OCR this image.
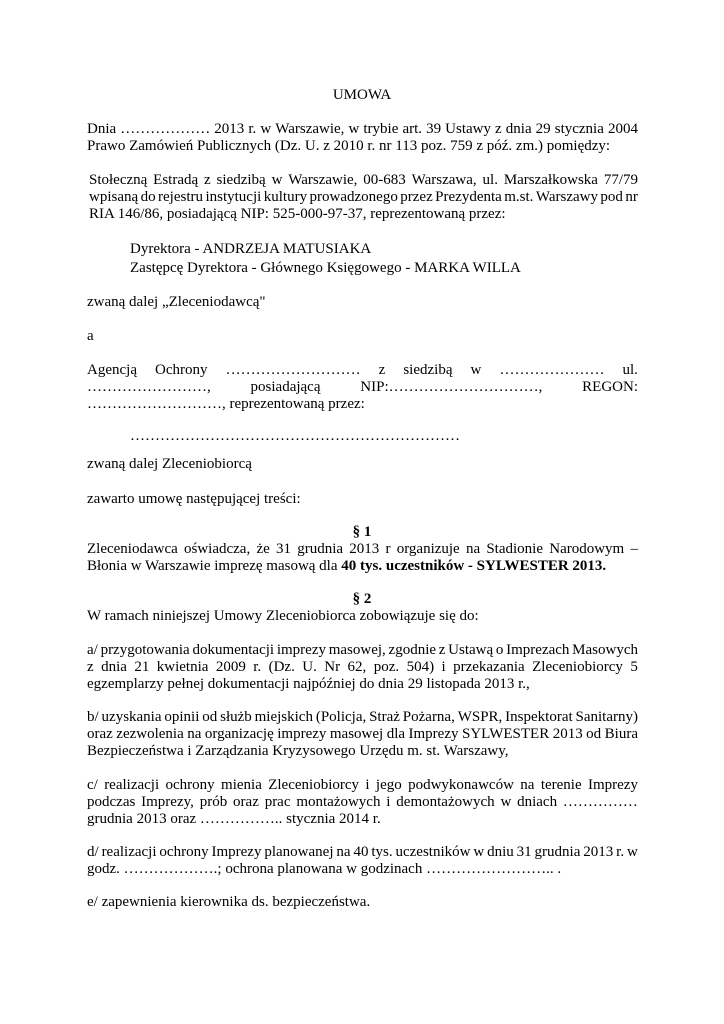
UMOWA
Dnia ……………… 2013 r. w Warszawie, w trybie art. 39 Ustawy z dnia 29 stycznia 2004
Prawo Zamówień Publicznych (Dz. U. z 2010 r. nr 113 poz. 759 z póź. zm.) pomiędzy:
Stołeczną Estradą z siedzibą w Warszawie, 00-683 Warszawa, ul. Marszałkowska 77/79
wpisaną do rejestru instytucji kultury prowadzonego przez Prezydenta m.st. Warszawy pod nr
RIA 146/86, posiadającą NIP: 525-000-97-37, reprezentowaną przez:
Dyrektora - ANDRZEJA MATUSIAKA
Zastępcę Dyrektora - Głównego Księgowego - MARKA WILLA
zwaną dalej „Zleceniodawcą"
a
Agencją Ochrony ……………………… z siedzibą w ………………… ul.
……………………,	posiadającą	NIP:…………………………,	REGON:
………………………, reprezentowaną przez:
…………………………………………………………
zwaną dalej Zleceniobiorcą
zawarto umowę następującej treści:
§ 1
Zleceniodawca oświadcza, że 31 grudnia 2013 r organizuje na Stadionie Narodowym –
Błonia w Warszawie imprezę masową dla 40 tys. uczestników - SYLWESTER 2013.
§ 2
W ramach niniejszej Umowy Zleceniobiorca zobowiązuje się do:
a/ przygotowania dokumentacji imprezy masowej, zgodnie z Ustawą o Imprezach Masowych
z dnia 21 kwietnia 2009 r. (Dz. U. Nr 62, poz. 504) i przekazania Zleceniobiorcy 5
egzemplarzy pełnej dokumentacji najpóźniej do dnia 29 listopada 2013 r.,
b/ uzyskania opinii od służb miejskich (Policja, Straż Pożarna, WSPR, Inspektorat Sanitarny)
oraz zezwolenia na organizację imprezy masowej dla Imprezy SYLWESTER 2013 od Biura
Bezpieczeństwa i Zarządzania Kryzysowego Urzędu m. st. Warszawy,
c/ realizacji ochrony mienia Zleceniobiorcy i jego podwykonawców na terenie Imprezy
podczas Imprezy, prób oraz prac montażowych i demontażowych w dniach ……………
grudnia 2013 oraz …………….. stycznia 2014 r.
d/ realizacji ochrony Imprezy planowanej na 40 tys. uczestników w dniu 31 grudnia 2013 r. w
godz. ……………….; ochrona planowana w godzinach …………………….. .
e/ zapewnienia kierownika ds. bezpieczeństwa.
